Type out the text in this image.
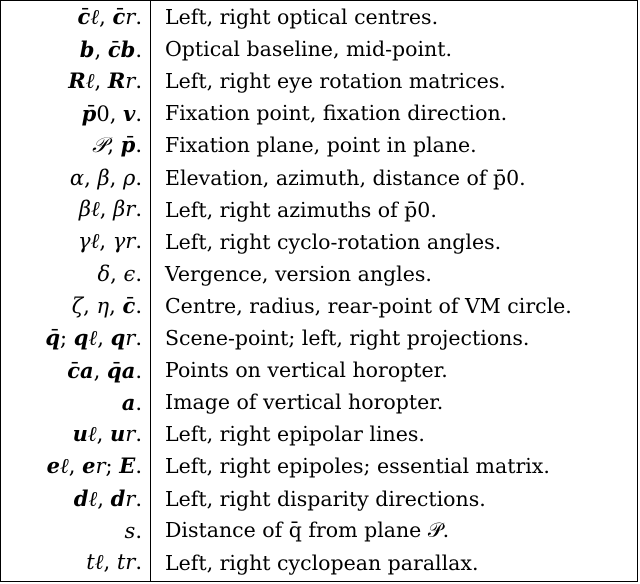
cℓ, cr.	Left, right optical centres.
b, cb.	Optical baseline, mid-point.
Rℓ, Rr.	Left, right eye rotation matrices.
p0, v.	Fixation point, fixation direction.
𝒫, p.	Fixation plane, point in plane.
α, β, ρ.	Elevation, azimuth, distance of p̄0.
βℓ, βr.	Left, right azimuths of p̄0.
γℓ, γr.	Left, right cyclo-rotation angles.
δ, ϵ.	Vergence, version angles.
ζ, η, c.	Centre, radius, rear-point of VM circle.
q; qℓ, qr.	Scene-point; left, right projections.
ca, qa.	Points on vertical horopter.
a.	Image of vertical horopter.
uℓ, ur.	Left, right epipolar lines.
eℓ, er; E.	Left, right epipoles; essential matrix.
dℓ, dr.	Left, right disparity directions.
s.	Distance of q̄ from plane 𝒫.
tℓ, tr.	Left, right cyclopean parallax.
